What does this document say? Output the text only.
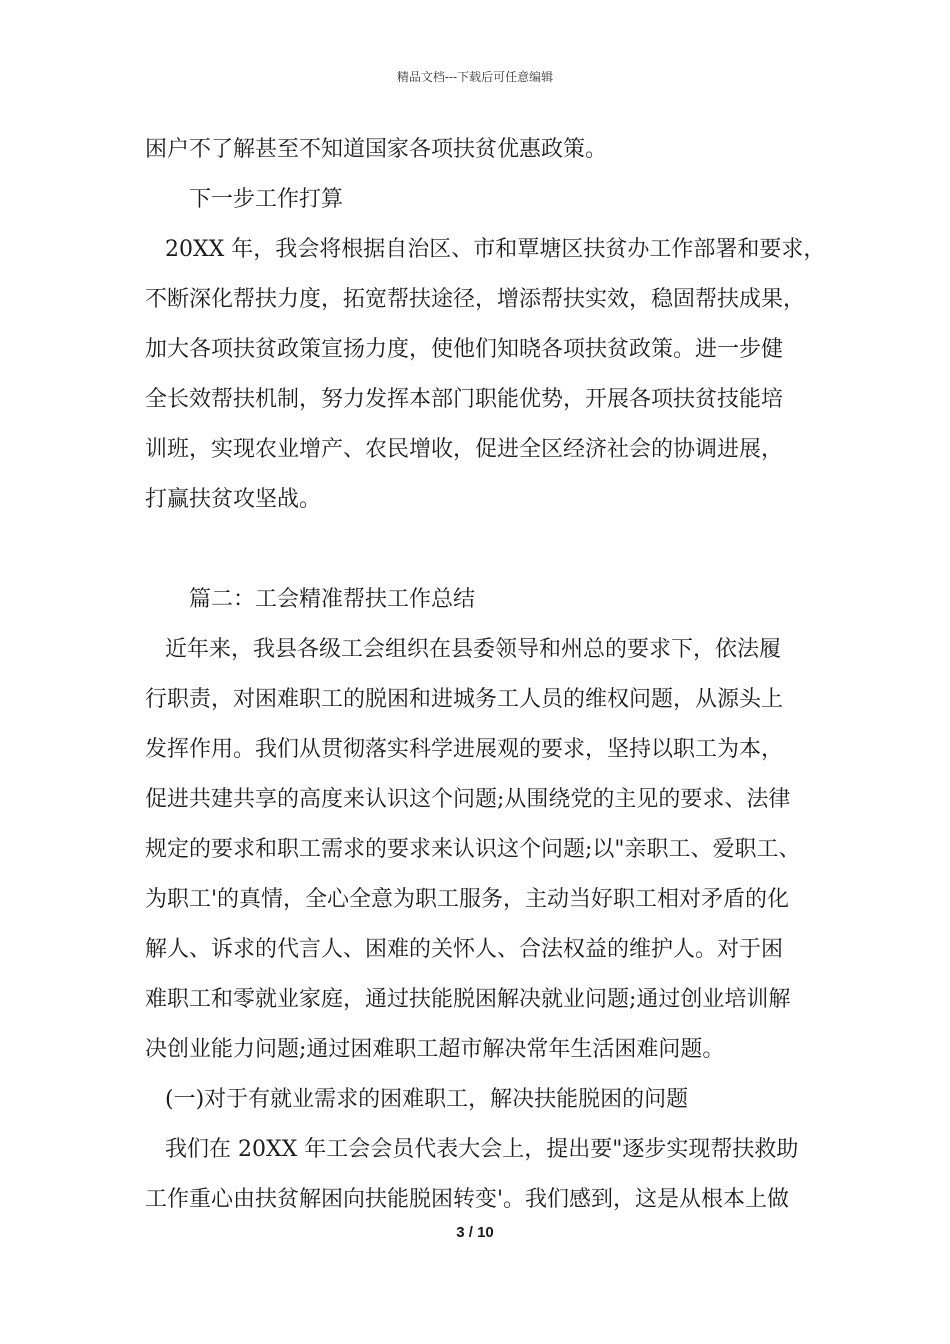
精品文档---下载后可任意编辑
困户不了解甚至不知道国家各项扶贫优惠政策。
下一步工作打算
20XX 年，我会将根据自治区、市和覃塘区扶贫办工作部署和要求，
不断深化帮扶力度，拓宽帮扶途径，增添帮扶实效，稳固帮扶成果，
加大各项扶贫政策宣扬力度，使他们知晓各项扶贫政策。进一步健
全长效帮扶机制，努力发挥本部门职能优势，开展各项扶贫技能培
训班，实现农业增产、农民增收，促进全区经济社会的协调进展，
打赢扶贫攻坚战。
篇二：工会精准帮扶工作总结
近年来，我县各级工会组织在县委领导和州总的要求下，依法履
行职责，对困难职工的脱困和进城务工人员的维权问题，从源头上
发挥作用。我们从贯彻落实科学进展观的要求，坚持以职工为本，
促进共建共享的高度来认识这个问题;从围绕党的主见的要求、法律
规定的要求和职工需求的要求来认识这个问题;以"亲职工、爱职工、
为职工'的真情，全心全意为职工服务，主动当好职工相对矛盾的化
解人、诉求的代言人、困难的关怀人、合法权益的维护人。对于困
难职工和零就业家庭，通过扶能脱困解决就业问题;通过创业培训解
决创业能力问题;通过困难职工超市解决常年生活困难问题。
(一)对于有就业需求的困难职工，解决扶能脱困的问题
我们在 20XX 年工会会员代表大会上，提出要"逐步实现帮扶救助
工作重心由扶贫解困向扶能脱困转变'。我们感到，这是从根本上做
3 / 10
